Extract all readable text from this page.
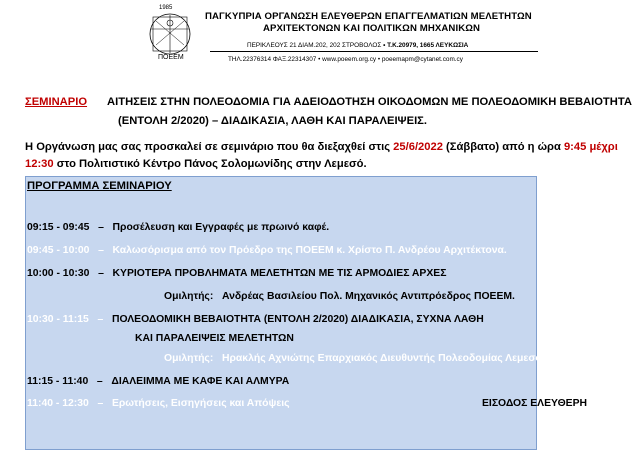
1985
ΠΟΕΕΜ
ΠΑΓΚΥΠΡΙΑ ΟΡΓΑΝΩΣΗ ΕΛΕΥΘΕΡΩΝ ΕΠΑΓΓΕΛΜΑΤΙΩΝ ΜΕΛΕΤΗΤΩΝ
ΑΡΧΙΤΕΚΤΟΝΩΝ ΚΑΙ ΠΟΛΙΤΙΚΩΝ ΜΗΧΑΝΙΚΩΝ
ΠΕΡΙΚΛΕΟΥΣ 21 ΔΙΑΜ.202, 202 ΣΤΡΟΒΟΛΟΣ • Τ.Κ.20979, 1665 ΛΕΥΚΩΣΙΑ
ΤΗΛ.22376314 ΦΑΞ.22314307 • www.poeem.org.cy • poeemapm@cytanet.com.cy
ΣΕΜΙΝΑΡΙΟ ΑΙΤΗΣΕΙΣ ΣΤΗΝ ΠΟΛΕΟΔΟΜΙΑ ΓΙΑ ΑΔΕΙΟΔΟΤΗΣΗ ΟΙΚΟΔΟΜΩΝ ΜΕ ΠΟΛΕΟΔΟΜΙΚΗ ΒΕΒΑΙΟΤΗΤΑ
(ΕΝΤΟΛΗ 2/2020) – ΔΙΑΔΙΚΑΣΙΑ, ΛΑΘΗ ΚΑΙ ΠΑΡΑΛΕΙΨΕΙΣ.
Η Οργάνωση μας σας προσκαλεί σε σεμινάριο που θα διεξαχθεί στις 25/6/2022 (Σάββατο) από η ώρα 9:45 μέχρι
12:30 στο Πολιτιστικό Κέντρο Πάνος Σολομωνίδης στην Λεμεσό.
ΠΡΟΓΡΑΜΜΑ ΣΕΜΙΝΑΡΙΟΥ
09:15 - 09:45 – Προσέλευση και Εγγραφές με πρωινό καφέ.
09:45 - 10:00 – Καλωσόρισμα από τον Πρόεδρο της ΠΟΕΕΜ κ. Χρίστο Π. Ανδρέου Αρχιτέκτονα.
10:00 - 10:30 – ΚΥΡΙΟΤΕΡΑ ΠΡΟΒΛΗΜΑΤΑ ΜΕΛΕΤΗΤΩΝ ΜΕ ΤΙΣ ΑΡΜΟΔΙΕΣ ΑΡΧΕΣ
Ομιλητής: Ανδρέας Βασιλείου Πολ. Μηχανικός Αντιπρόεδρος ΠΟΕΕΜ.
10:30 - 11:15 – ΠΟΛΕΟΔΟΜΙΚΗ ΒΕΒΑΙΟΤΗΤΑ (ΕΝΤΟΛΗ 2/2020) ΔΙΑΔΙΚΑΣΙΑ, ΣΥΧΝΑ ΛΑΘΗ
ΚΑΙ ΠΑΡΑΛΕΙΨΕΙΣ ΜΕΛΕΤΗΤΩΝ
Ομιλητής: Ηρακλής Αχνιώτης Επαρχιακός Διευθυντής Πολεοδομίας Λεμεσού.
11:15 - 11:40 – ΔΙΑΛΕΙΜΜΑ ΜΕ ΚΑΦΕ ΚΑΙ ΑΛΜΥΡΑ
11:40 - 12:30 – Ερωτήσεις, Εισηγήσεις και Απόψεις	ΕΙΣΟΔΟΣ ΕΛΕΥΘΕΡΗ
